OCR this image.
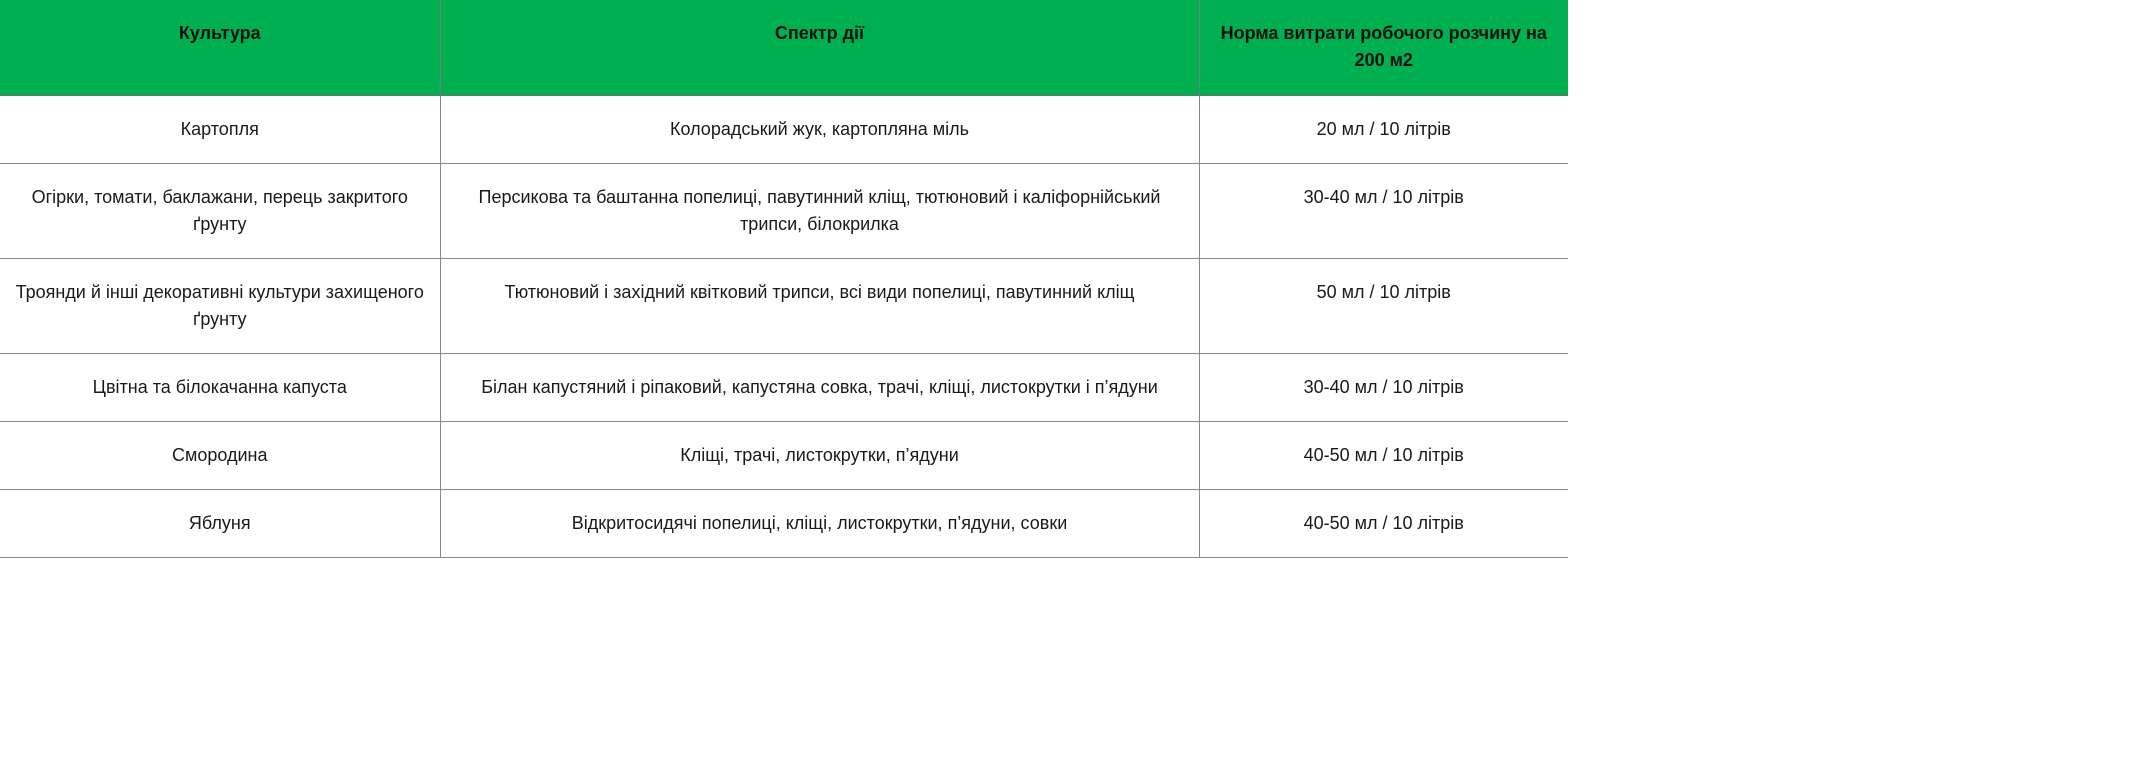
Культура	Спектр дії	Норма витрати робочого розчину на 200 м2
Картопля	Колорадський жук, картопляна міль	20 мл / 10 літрів
Огірки, томати, баклажани, перець закритого ґрунту	Персикова та баштанна попелиці, павутинний кліщ, тютюновий і каліфорнійський трипси, білокрилка	30-40 мл / 10 літрів
Троянди й інші декоративні культури захищеного ґрунту	Тютюновий і західний квітковий трипси, всі види попелиці, павутинний кліщ	50 мл / 10 літрів
Цвітна та білокачанна капуста	Білан капустяний і ріпаковий, капустяна совка, трачі, кліщі, листокрутки і п’ядуни	30-40 мл / 10 літрів
Смородина	Кліщі, трачі, листокрутки, п’ядуни	40-50 мл / 10 літрів
Яблуня	Відкритосидячі попелиці, кліщі, листокрутки, п’ядуни, совки	40-50 мл / 10 літрів
